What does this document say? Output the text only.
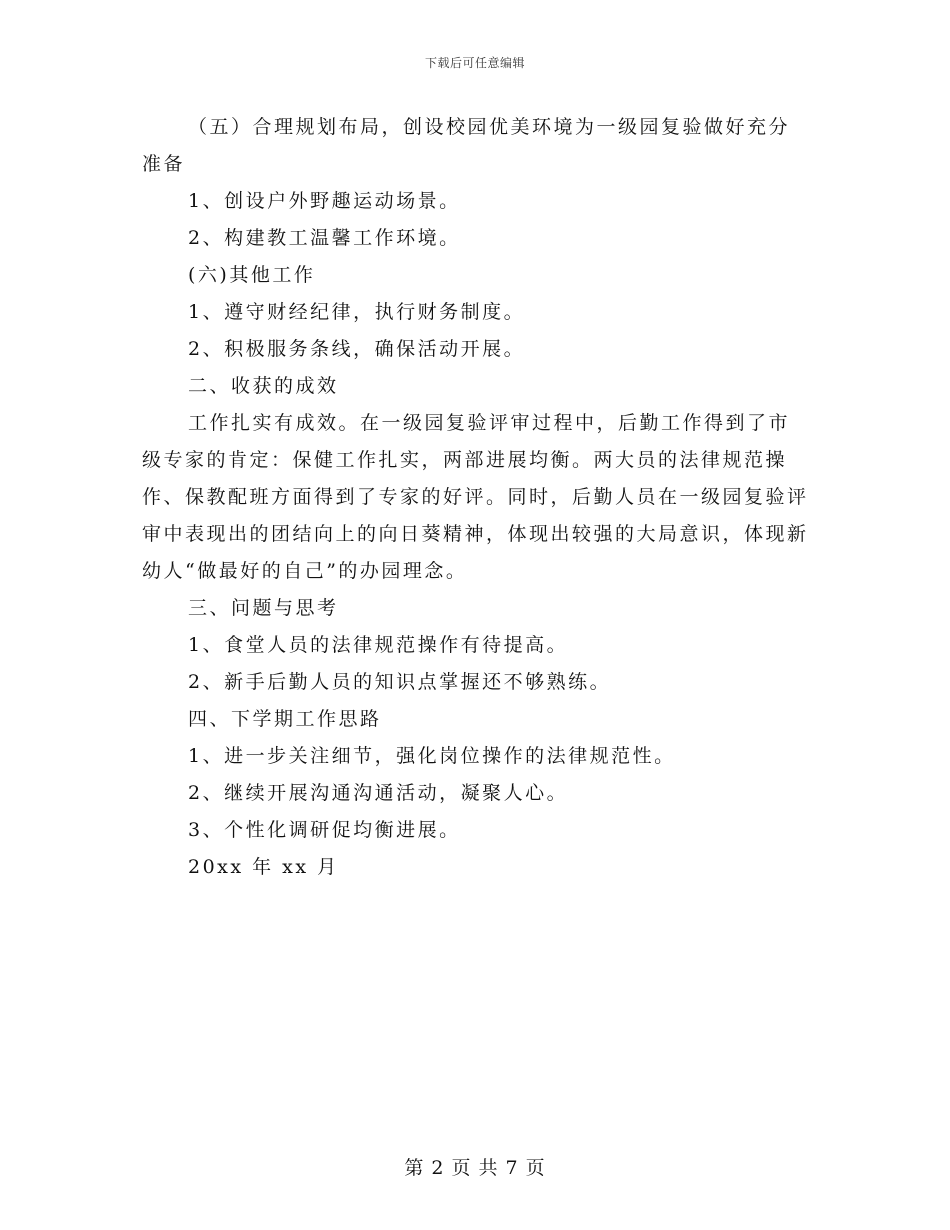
下载后可任意编辑

（五）合理规划布局，创设校园优美环境为一级园复验做好充分准备

1、创设户外野趣运动场景。

2、构建教工温馨工作环境。

(六)其他工作

1、遵守财经纪律，执行财务制度。

2、积极服务条线，确保活动开展。

二、收获的成效

工作扎实有成效。在一级园复验评审过程中，后勤工作得到了市级专家的肯定：保健工作扎实，两部进展均衡。两大员的法律规范操作、保教配班方面得到了专家的好评。同时，后勤人员在一级园复验评审中表现出的团结向上的向日葵精神，体现出较强的大局意识，体现新幼人“做最好的自己”的办园理念。

三、问题与思考

1、食堂人员的法律规范操作有待提高。

2、新手后勤人员的知识点掌握还不够熟练。

四、下学期工作思路

1、进一步关注细节，强化岗位操作的法律规范性。

2、继续开展沟通沟通活动，凝聚人心。

3、个性化调研促均衡进展。

20xx 年 xx 月

第 2 页 共 7 页
